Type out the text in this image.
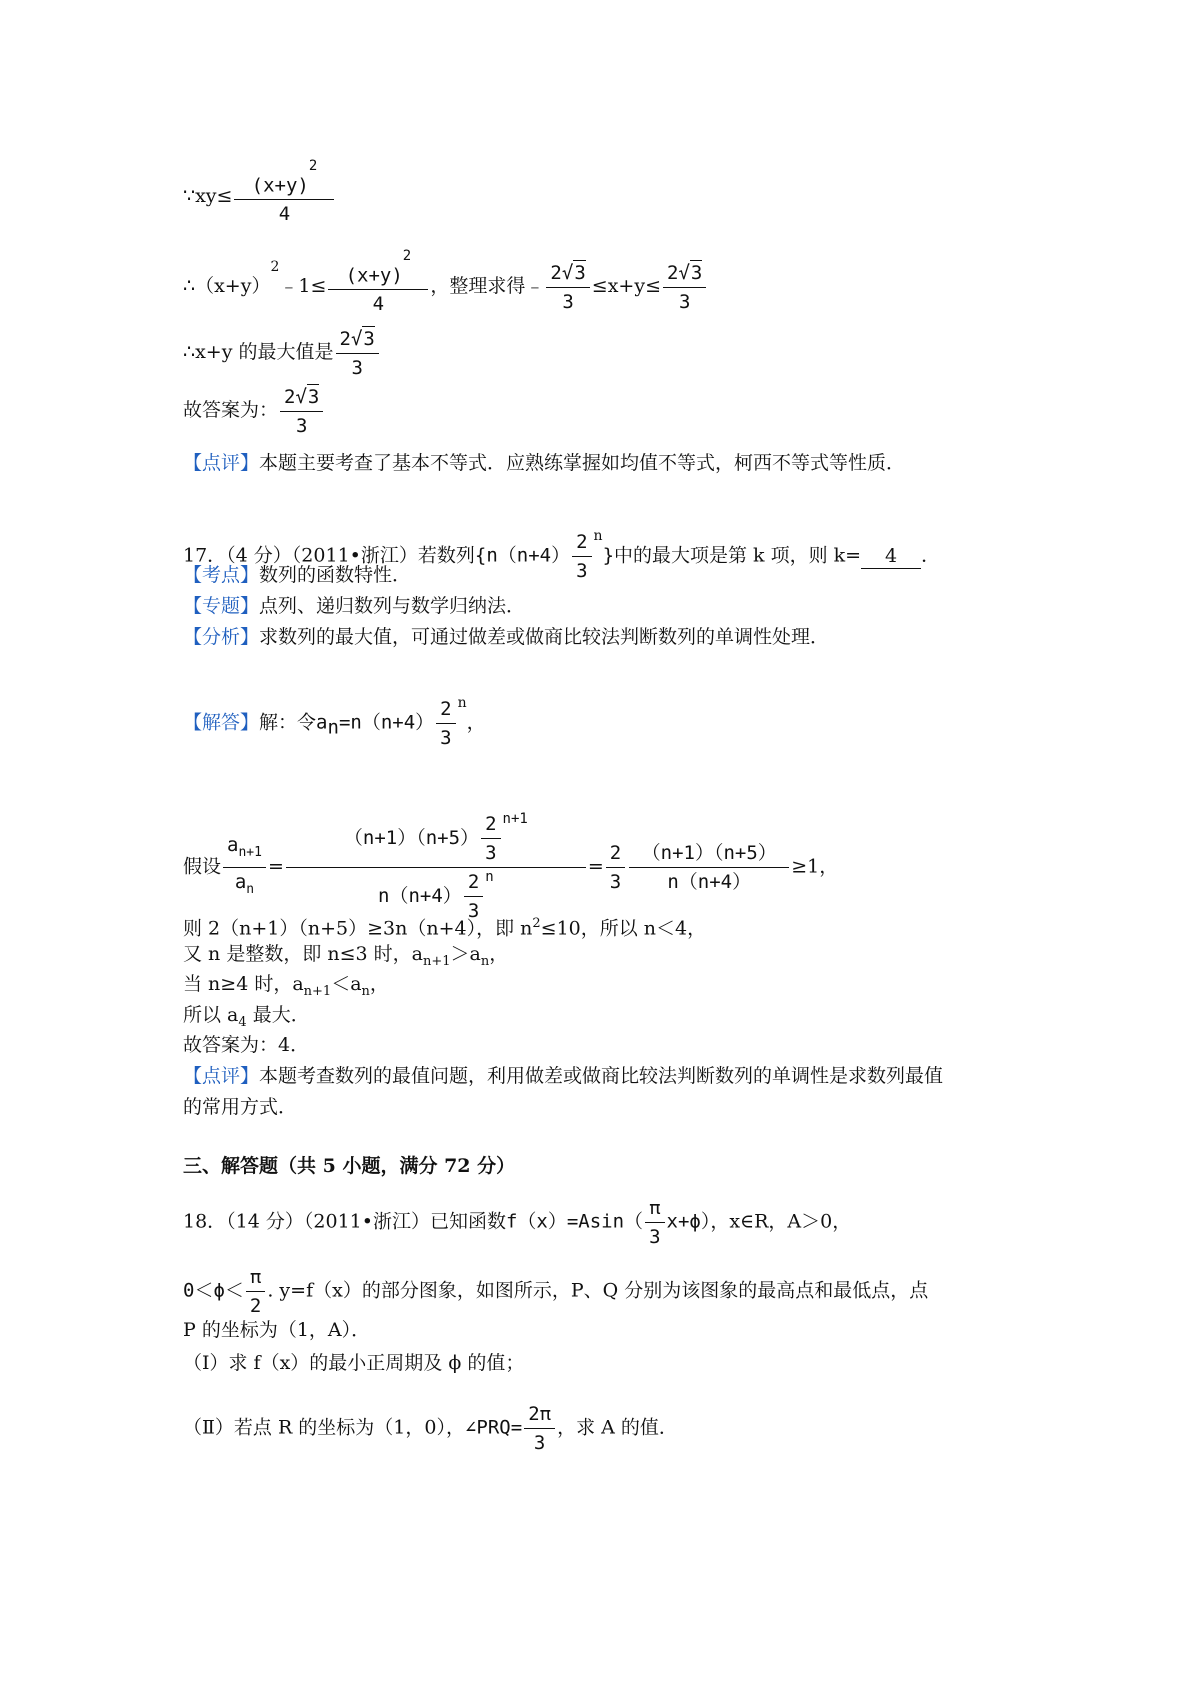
∵xy≤ $\frac{(x+y)^2}{4}$
$\therefore(x+y)^2﹣1\le \frac{(x+y)^2}{4}$ ，整理求得﹣ $\frac{2√3}{3} \le x+y\le \frac{2√3}{3}$
∴x+y 的最大值是 $\frac{2√3}{3}$
故答案为： $\frac{2√3}{3}$
【点评】本题主要考查了基本不等式．应熟练掌握如均值不等式，柯西不等式等性质．
17．（4 分）（2011•浙江）若数列$\{n(n+4) \frac{2}{3} ^n\}$中的最大项是第 k 项，则 k= 4 ．
【考点】数列的函数特性．
【专题】点列、递归数列与数学归纳法．
【分析】求数列的最大值，可通过做差或做商比较法判断数列的单调性处理．
【解答】解：令$a_n=n(n+4) \frac{2}{3} ^n$，
假设 $\frac{a_{n+1}}{a_n} = \frac{(n+1)(n+5) \frac{2}{3} ^{n+1}}{n(n+4) \frac{2}{3} ^n} = \frac{2}{3} \frac{(n+1)(n+5)}{n(n+4)} \ge 1$，
则 2（n+1）（n+5）≥3n（n+4），即 $n^2\le 10$，所以 n＜4，
又 n 是整数，即 n≤3 时，$a_{n+1}>a_n$，
当 n≥4 时，$a_{n+1}<a_n$，
所以 $a_4$ 最大．
故答案为：4．
【点评】本题考查数列的最值问题，利用做差或做商比较法判断数列的单调性是求数列最值
的常用方式．
三、解答题（共 5 小题，满分 72 分）
18．（14 分）（2011•浙江）已知函数$f(x)=Asin( \frac{\pi}{3} x+\phi)$，x∈R，A＞0，
$0<\phi< \frac{\pi}{2}$ . y=f（x）的部分图象，如图所示，P、Q 分别为该图象的最高点和最低点，点
P 的坐标为（1，A）．
（Ⅰ）求 f（x）的最小正周期及 ϕ 的值；
（Ⅱ）若点 R 的坐标为（1，0），∠PRQ= $\frac{2\pi}{3}$ ，求 A 的值．
